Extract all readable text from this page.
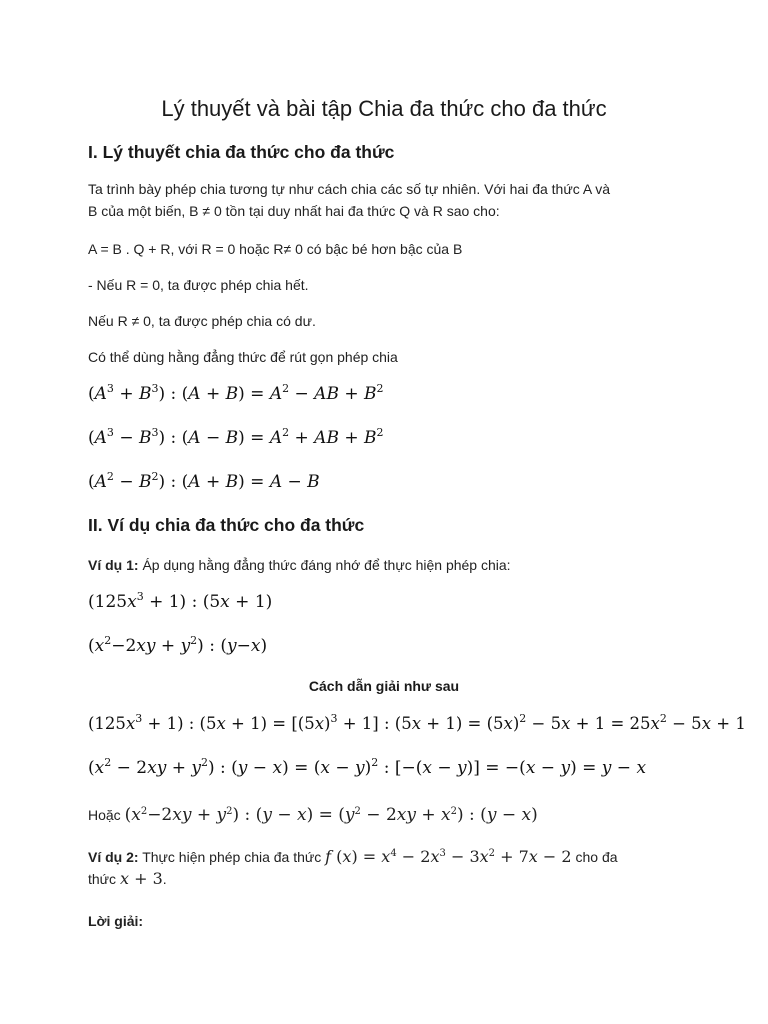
Lý thuyết và bài tập Chia đa thức cho đa thức
I. Lý thuyết chia đa thức cho đa thức
Ta trình bày phép chia tương tự như cách chia các số tự nhiên. Với hai đa thức A và
B của một biến, B ≠ 0 tồn tại duy nhất hai đa thức Q và R sao cho:
A = B . Q + R, với R = 0 hoặc R≠ 0 có bậc bé hơn bậc của B
- Nếu R = 0, ta được phép chia hết.
Nếu R ≠ 0, ta được phép chia có dư.
Có thể dùng hằng đẳng thức để rút gọn phép chia
$(A^3 + B^3)$ : $(A + B) = A^2$ − AB + $B^2$
$(A^3 - B^3)$ : $(A - B) = A^2$ + AB + $B^2$
$(A^2 - B^2)$ : (A + B) = A − B
II. Ví dụ chia đa thức cho đa thức
Ví dụ 1: Áp dụng hằng đẳng thức đáng nhớ để thực hiện phép chia:
$(125x^3 + 1)$ : (5x + 1)
$(x^2-2xy + y^2)$ : (y−x)
Cách dẫn giải như sau
$(125x^3 + 1)$ : $(5x + 1) = [(5x)^3 + 1]$ : $(5x + 1) = (5x)^2 - 5x + 1 = 25x^2 - 5x + 1$
$(x^2 - 2xy + y^2)$ : $(y - x) = (x - y)^2$ : [−(x − y)] = −(x − y) = y − x
Hoặc $(x^2-2xy + y^2)$ : $(y - x) = (y^2 - 2xy + x^2)$ : (y − x)
Ví dụ 2: Thực hiện phép chia đa thức f $(x) = x^4 - 2x^3 - 3x^2 + 7x - 2$ cho đa
thức x + 3.
Lời giải:
